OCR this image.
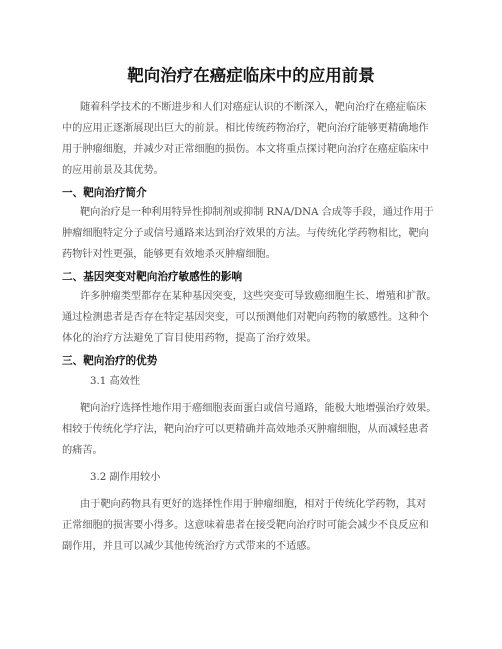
靶向治疗在癌症临床中的应用前景
随着科学技术的不断进步和人们对癌症认识的不断深入，靶向治疗在癌症临床
中的应用正逐渐展现出巨大的前景。相比传统药物治疗，靶向治疗能够更精确地作
用于肿瘤细胞，并减少对正常细胞的损伤。本文将重点探讨靶向治疗在癌症临床中
的应用前景及其优势。
一、靶向治疗简介
靶向治疗是一种利用特异性抑制剂或抑制 RNA/DNA 合成等手段，通过作用于
肿瘤细胞特定分子或信号通路来达到治疗效果的方法。与传统化学药物相比，靶向
药物针对性更强，能够更有效地杀灭肿瘤细胞。
二、基因突变对靶向治疗敏感性的影响
许多肿瘤类型都存在某种基因突变，这些突变可导致癌细胞生长、增殖和扩散。
通过检测患者是否存在特定基因突变，可以预测他们对靶向药物的敏感性。这种个
体化的治疗方法避免了盲目使用药物，提高了治疗效果。
三、靶向治疗的优势
3.1 高效性
靶向治疗选择性地作用于癌细胞表面蛋白或信号通路，能极大地增强治疗效果。
相较于传统化学疗法，靶向治疗可以更精确并高效地杀灭肿瘤细胞，从而减轻患者
的痛苦。
3.2 副作用较小
由于靶向药物具有更好的选择性作用于肿瘤细胞，相对于传统化学药物，其对
正常细胞的损害要小得多。这意味着患者在接受靶向治疗时可能会减少不良反应和
副作用，并且可以减少其他传统治疗方式带来的不适感。
